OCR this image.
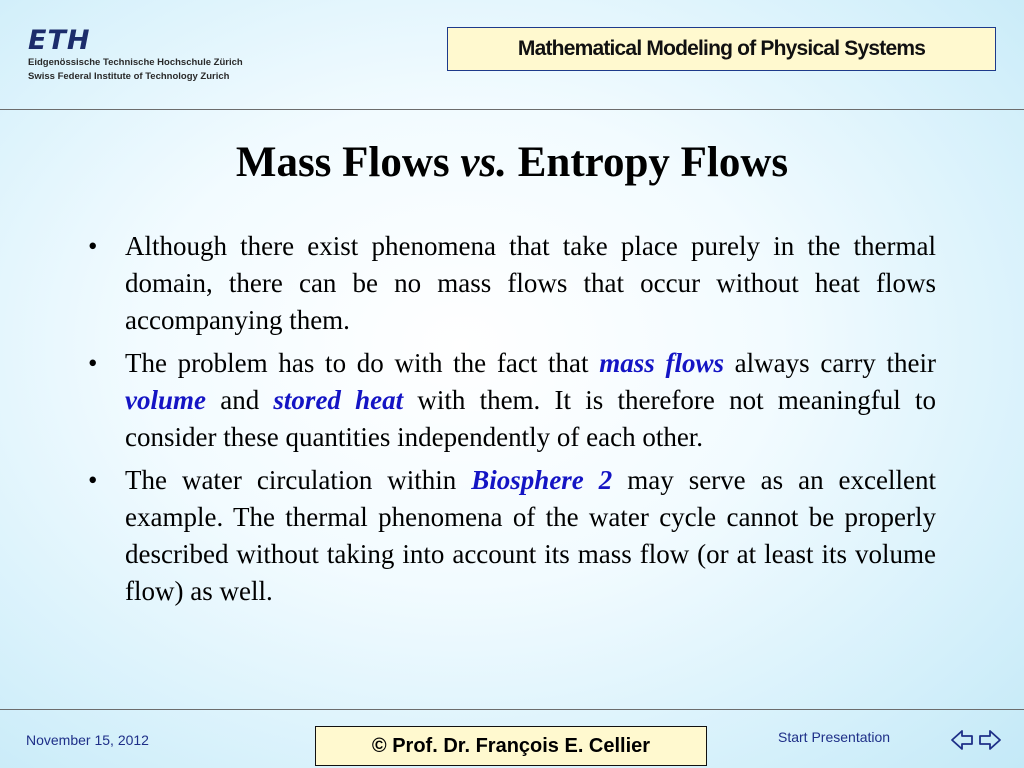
ETH
Eidgenössische Technische Hochschule Zürich
Swiss Federal Institute of Technology Zurich
Mathematical Modeling of Physical Systems
Mass Flows vs. Entropy Flows
• Although there exist phenomena that take place purely in the thermal domain, there can be no mass flows that occur without heat flows accompanying them.
• The problem has to do with the fact that mass flows always carry their volume and stored heat with them. It is therefore not meaningful to consider these quantities independently of each other.
• The water circulation within Biosphere 2 may serve as an excellent example. The thermal phenomena of the water cycle cannot be properly described without taking into account its mass flow (or at least its volume flow) as well.
November 15, 2012	© Prof. Dr. François E. Cellier	Start Presentation
